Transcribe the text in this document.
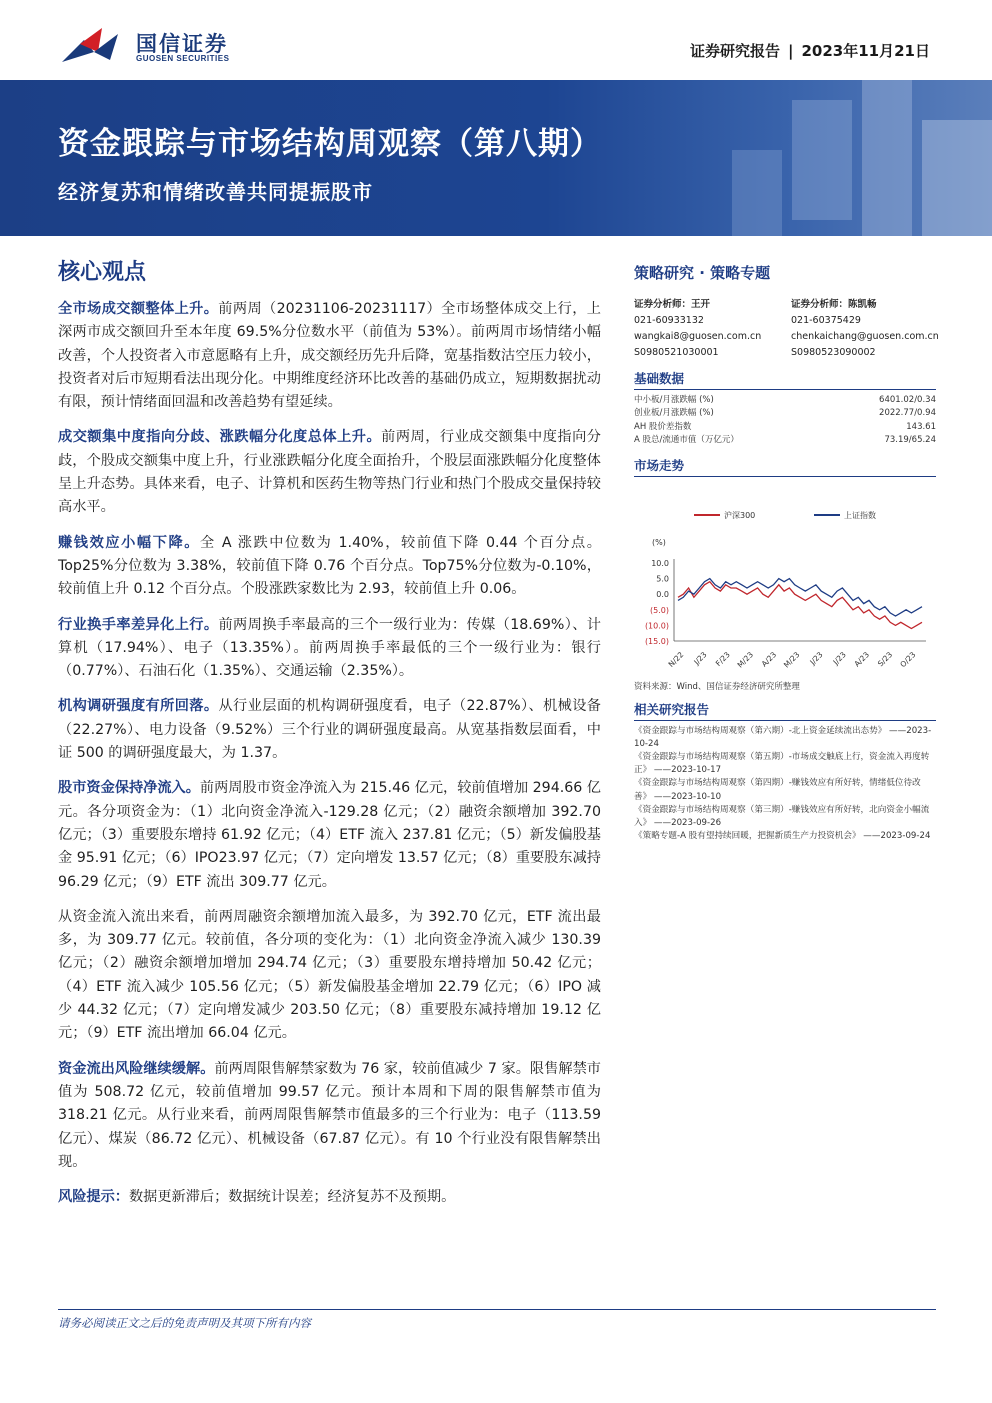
国信证券
GUOSEN SECURITIES	证券研究报告 | 2023年11月21日
资金跟踪与市场结构周观察（第八期）
经济复苏和情绪改善共同提振股市
核心观点
全市场成交额整体上升。前两周（20231106-20231117）全市场整体成交上行，上深两市成交额回升至本年度 69.5%分位数水平（前值为 53%）。前两周市场情绪小幅改善，个人投资者入市意愿略有上升，成交额经历先升后降，宽基指数沽空压力较小，投资者对后市短期看法出现分化。中期维度经济环比改善的基础仍成立，短期数据扰动有限，预计情绪面回温和改善趋势有望延续。
成交额集中度指向分歧、涨跌幅分化度总体上升。前两周，行业成交额集中度指向分歧，个股成交额集中度上升，行业涨跌幅分化度全面抬升，个股层面涨跌幅分化度整体呈上升态势。具体来看，电子、计算机和医药生物等热门行业和热门个股成交量保持较高水平。
赚钱效应小幅下降。全 A 涨跌中位数为 1.40%，较前值下降 0.44 个百分点。Top25%分位数为 3.38%，较前值下降 0.76 个百分点。Top75%分位数为-0.10%，较前值上升 0.12 个百分点。个股涨跌家数比为 2.93，较前值上升 0.06。
行业换手率差异化上行。前两周换手率最高的三个一级行业为：传媒（18.69%）、计算机（17.94%）、电子（13.35%）。前两周换手率最低的三个一级行业为：银行（0.77%）、石油石化（1.35%）、交通运输（2.35%）。
机构调研强度有所回落。从行业层面的机构调研强度看，电子（22.87%）、机械设备（22.27%）、电力设备（9.52%）三个行业的调研强度最高。从宽基指数层面看，中证 500 的调研强度最大，为 1.37。
股市资金保持净流入。前两周股市资金净流入为 215.46 亿元，较前值增加 294.66 亿元。各分项资金为：（1）北向资金净流入-129.28 亿元；（2）融资余额增加 392.70 亿元；（3）重要股东增持 61.92 亿元；（4）ETF 流入 237.81 亿元；（5）新发偏股基金 95.91 亿元；（6）IPO23.97 亿元；（7）定向增发 13.57 亿元；（8）重要股东减持 96.29 亿元；（9）ETF 流出 309.77 亿元。
从资金流入流出来看，前两周融资余额增加流入最多，为 392.70 亿元，ETF 流出最多，为 309.77 亿元。较前值，各分项的变化为：（1）北向资金净流入减少 130.39 亿元；（2）融资余额增加增加 294.74 亿元；（3）重要股东增持增加 50.42 亿元；（4）ETF 流入减少 105.56 亿元；（5）新发偏股基金增加 22.79 亿元；（6）IPO 减少 44.32 亿元；（7）定向增发减少 203.50 亿元；（8）重要股东减持增加 19.12 亿元；（9）ETF 流出增加 66.04 亿元。
资金流出风险继续缓解。前两周限售解禁家数为 76 家，较前值减少 7 家。限售解禁市值为 508.72 亿元，较前值增加 99.57 亿元。预计本周和下周的限售解禁市值为 318.21 亿元。从行业来看，前两周限售解禁市值最多的三个行业为：电子（113.59 亿元）、煤炭（86.72 亿元）、机械设备（67.87 亿元）。有 10 个行业没有限售解禁出现。
风险提示：数据更新滞后；数据统计误差；经济复苏不及预期。
策略研究 · 策略专题
证券分析师：王开
021-60933132
wangkai8@guosen.com.cn
S0980521030001
证券分析师：陈凯畅
021-60375429
chenkaichang@guosen.com.cn
S0980523090002
基础数据
中小板/月涨跌幅 (%)	6401.02/0.34
创业板/月涨跌幅 (%)	2022.77/0.94
AH 股价差指数	143.61
A 股总/流通市值（万亿元）	73.19/65.24
市场走势
沪深300	上证指数
(%)
10.0
5.0
0.0
(5.0)
(10.0)
(15.0)
N/22 J/23 F/23 M/23 A/23 M/23 J/23 J/23 A/23 S/23 O/23
资料来源：Wind、国信证券经济研究所整理
相关研究报告
《资金跟踪与市场结构周观察（第六期）-北上资金延续流出态势》 ——2023-10-24
《资金跟踪与市场结构周观察（第五期）-市场成交触底上行，资金流入再度转正》 ——2023-10-17
《资金跟踪与市场结构周观察（第四期）-赚钱效应有所好转，情绪低位待改善》 ——2023-10-10
《资金跟踪与市场结构周观察（第三期）-赚钱效应有所好转，北向资金小幅流入》 ——2023-09-26
《策略专题-A 股有望持续回暖，把握新质生产力投资机会》 ——2023-09-24
请务必阅读正文之后的免责声明及其项下所有内容
